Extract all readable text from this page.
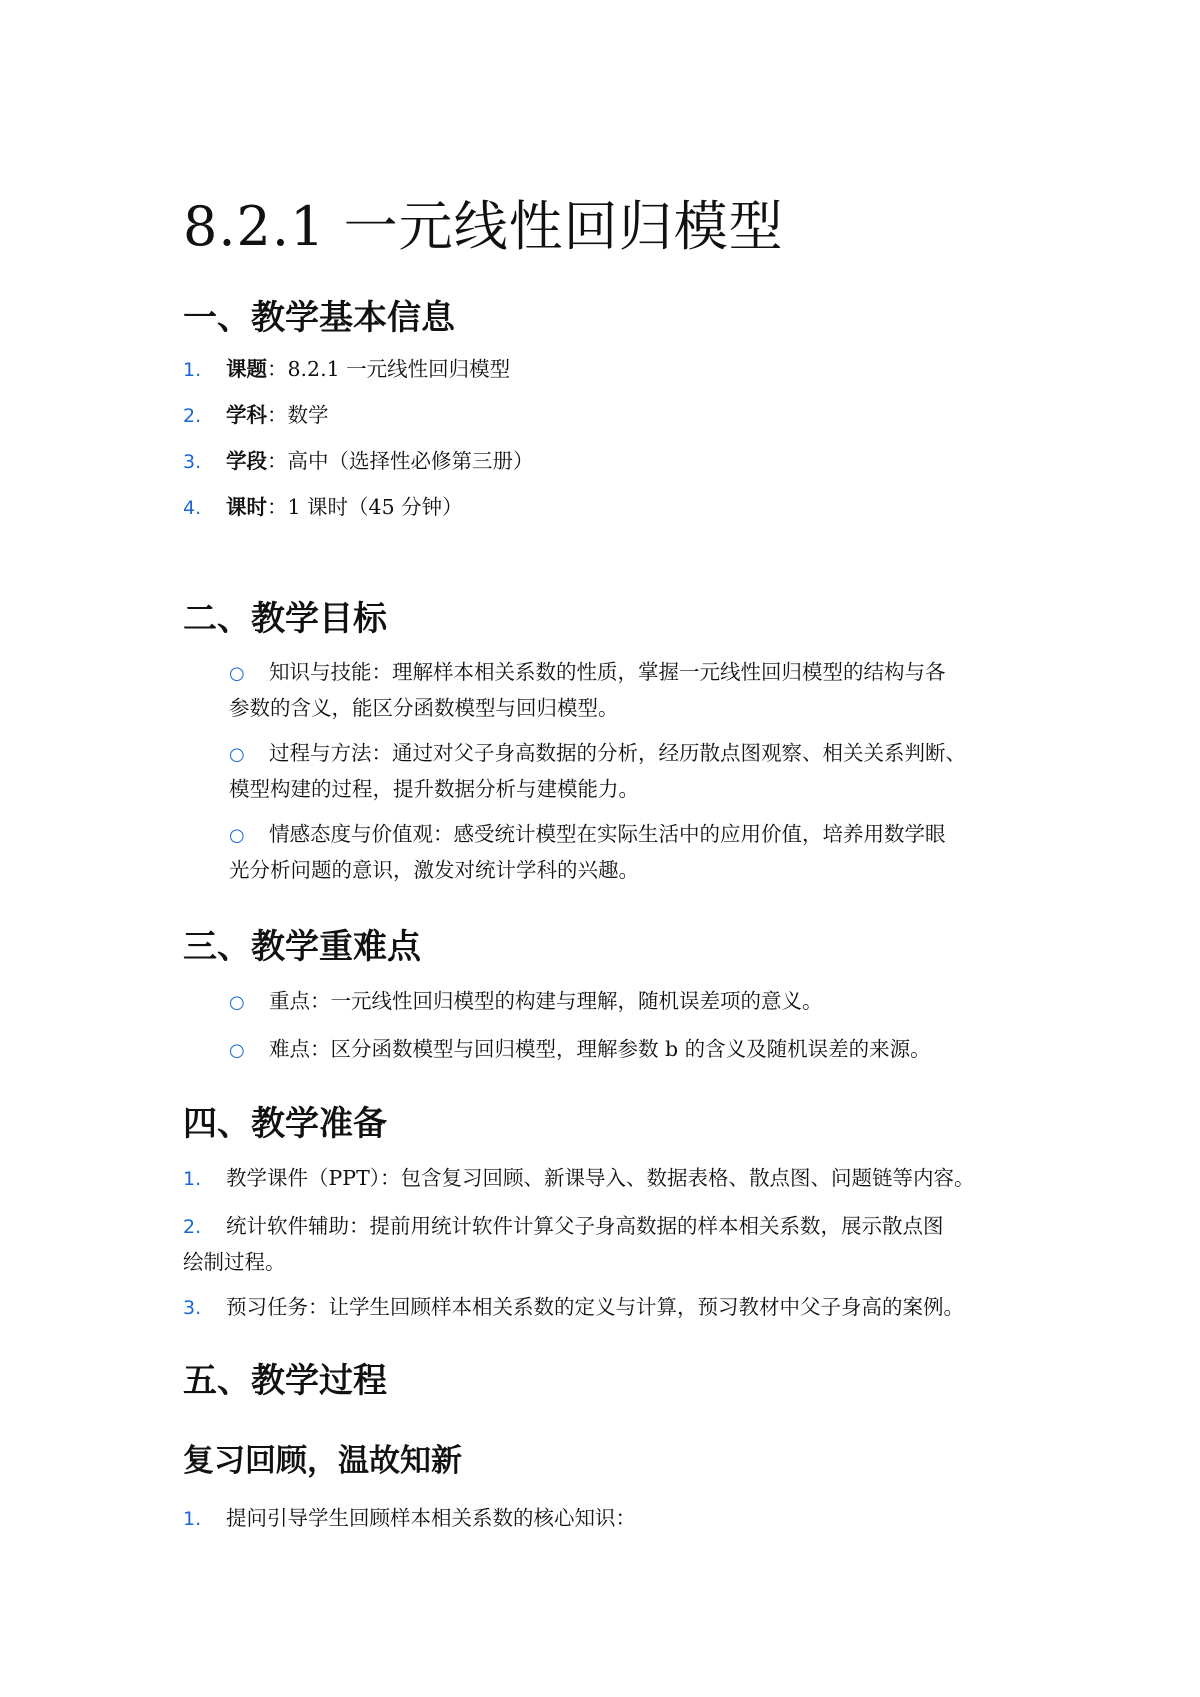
8.2.1 一元线性回归模型
一、教学基本信息
1. 课题：8.2.1 一元线性回归模型
2. 学科：数学
3. 学段：高中（选择性必修第三册）
4. 课时：1 课时（45 分钟）
二、教学目标
○ 知识与技能：理解样本相关系数的性质，掌握一元线性回归模型的结构与各
参数的含义，能区分函数模型与回归模型。
○ 过程与方法：通过对父子身高数据的分析，经历散点图观察、相关关系判断、
模型构建的过程，提升数据分析与建模能力。
○ 情感态度与价值观：感受统计模型在实际生活中的应用价值，培养用数学眼
光分析问题的意识，激发对统计学科的兴趣。
三、教学重难点
○ 重点：一元线性回归模型的构建与理解，随机误差项的意义。
○ 难点：区分函数模型与回归模型，理解参数 b 的含义及随机误差的来源。
四、教学准备
1. 教学课件（PPT）：包含复习回顾、新课导入、数据表格、散点图、问题链等内容。
2. 统计软件辅助：提前用统计软件计算父子身高数据的样本相关系数，展示散点图
绘制过程。
3. 预习任务：让学生回顾样本相关系数的定义与计算，预习教材中父子身高的案例。
五、教学过程
复习回顾，温故知新
1. 提问引导学生回顾样本相关系数的核心知识：
